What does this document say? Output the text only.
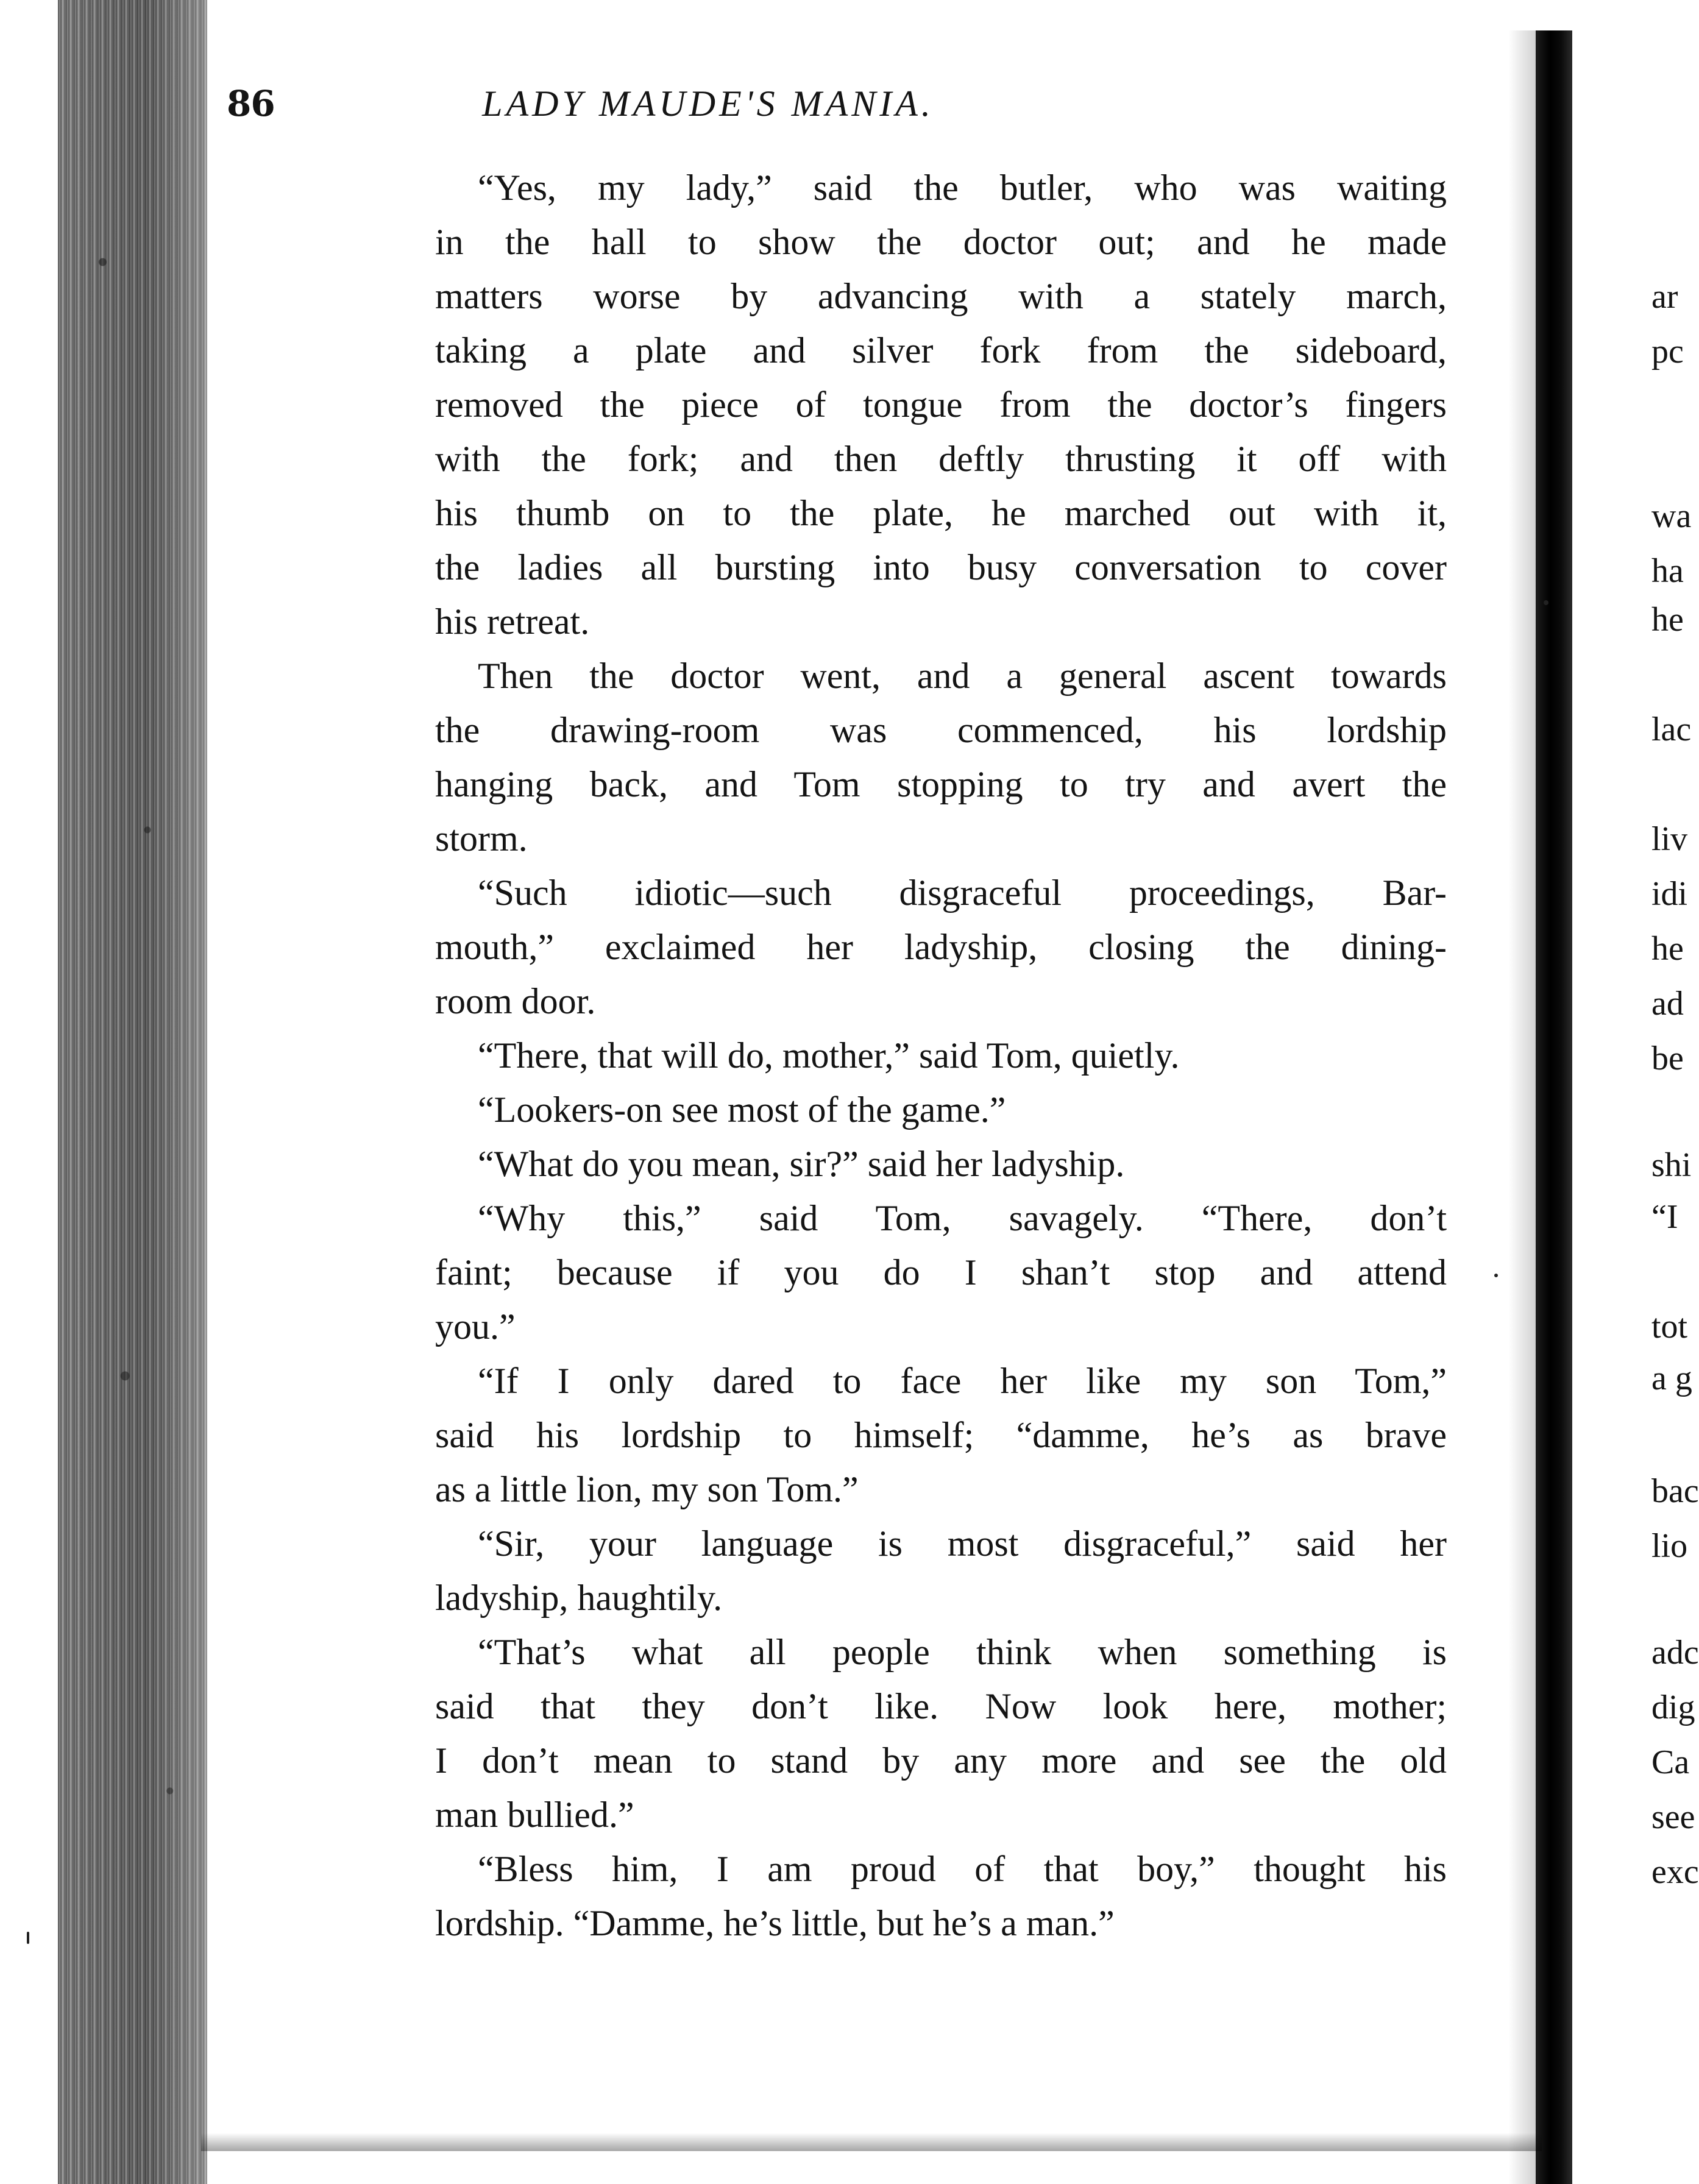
86	LADY MAUDE'S MANIA.
“Yes, my lady,” said the butler, who was waiting
in the hall to show the doctor out; and he made
matters worse by advancing with a stately march,
taking a plate and silver fork from the sideboard,
removed the piece of tongue from the doctor’s fingers
with the fork; and then deftly thrusting it off with
his thumb on to the plate, he marched out with it,
the ladies all bursting into busy conversation to cover
his retreat.
Then the doctor went, and a general ascent towards
the drawing-room was commenced, his lordship
hanging back, and Tom stopping to try and avert the
storm.
“Such idiotic—such disgraceful proceedings, Bar-
mouth,” exclaimed her ladyship, closing the dining-
room door.
“There, that will do, mother,” said Tom, quietly.
“Lookers-on see most of the game.”
“What do you mean, sir?” said her ladyship.
“Why this,” said Tom, savagely. “There, don’t
faint; because if you do I shan’t stop and attend
you.”
“If I only dared to face her like my son Tom,”
said his lordship to himself; “damme, he’s as brave
as a little lion, my son Tom.”
“Sir, your language is most disgraceful,” said her
ladyship, haughtily.
“That’s what all people think when something is
said that they don’t like. Now look here, mother;
I don’t mean to stand by any more and see the old
man bullied.”
“Bless him, I am proud of that boy,” thought his
lordship. “Damme, he’s little, but he’s a man.”
ar
pc
wa
ha
he
lac
liv
idi
he
ad
be
shi
“I
tot
a g
bac
lio
adc
dig
Ca
see
exc
